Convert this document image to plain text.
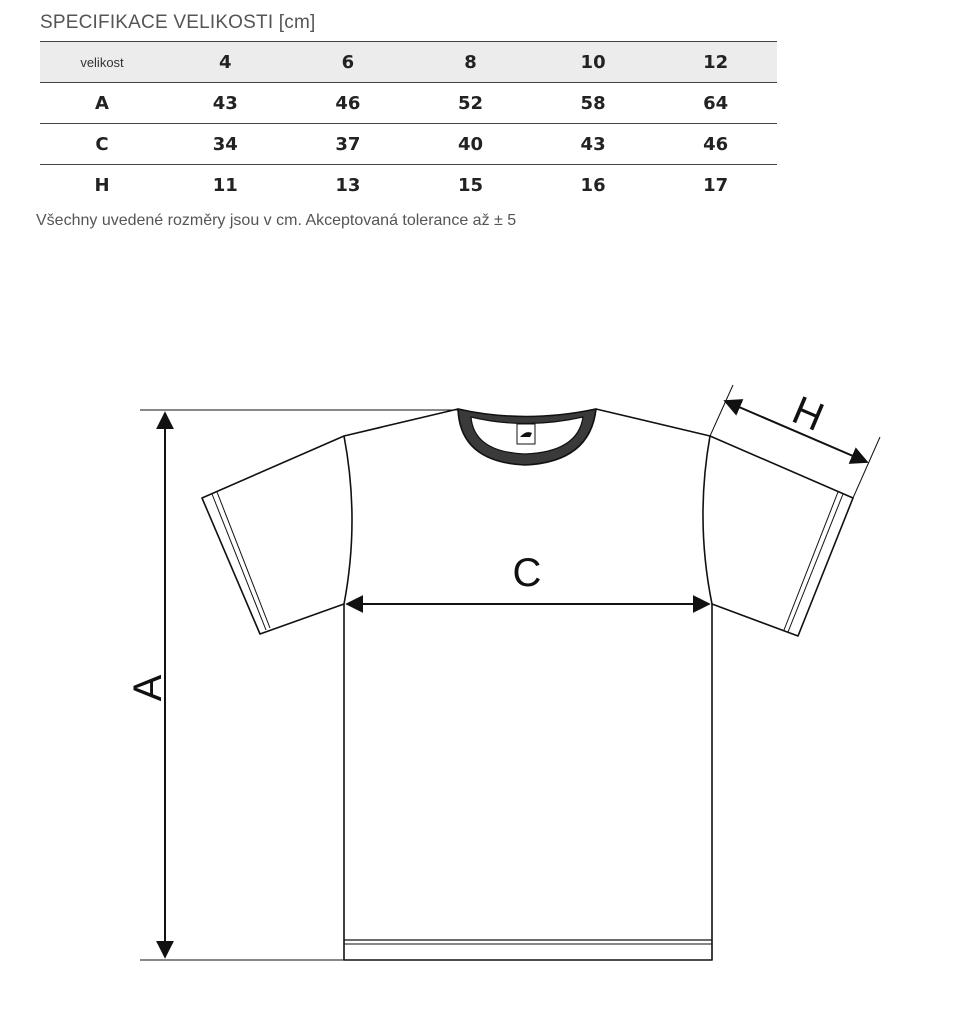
SPECIFIKACE VELIKOSTI [cm]
velikost	4	6	8	10	12
A	43	46	52	58	64
C	34	37	40	43	46
H	11	13	15	16	17
Všechny uvedené rozměry jsou v cm. Akceptovaná tolerance až ± 5
A
C
H
